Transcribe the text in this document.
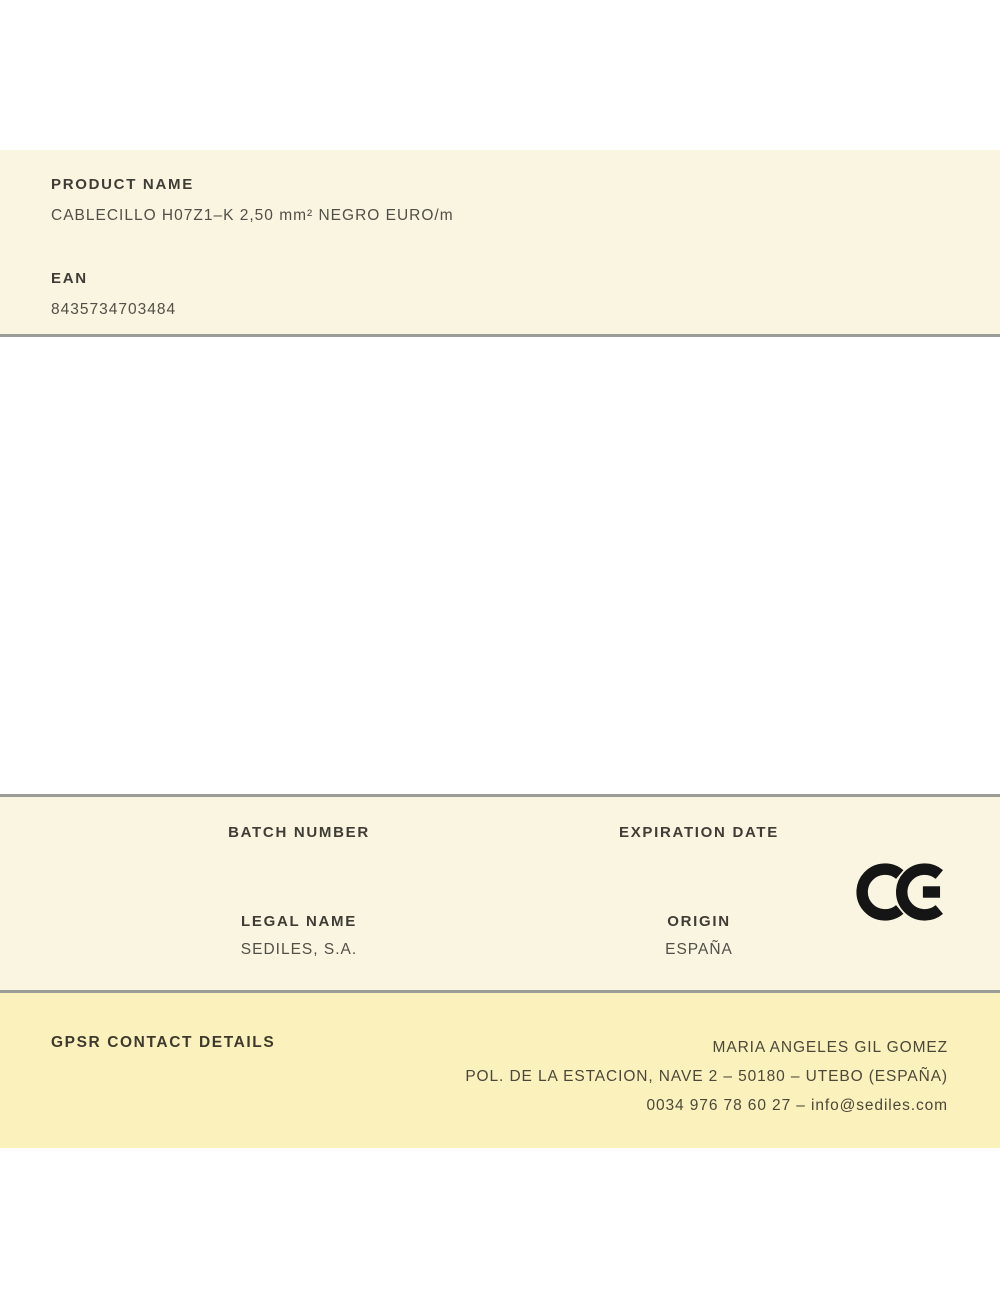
PRODUCT NAME
CABLECILLO H07Z1–K 2,50 mm² NEGRO EURO/m
EAN
8435734703484
BATCH NUMBER	EXPIRATION DATE
LEGAL NAME
SEDILES, S.A.
ORIGIN
ESPAÑA
GPSR CONTACT DETAILS	MARIA ANGELES GIL GOMEZ
POL. DE LA ESTACION, NAVE 2 – 50180 – UTEBO (ESPAÑA)
0034 976 78 60 27 – info@sediles.com
